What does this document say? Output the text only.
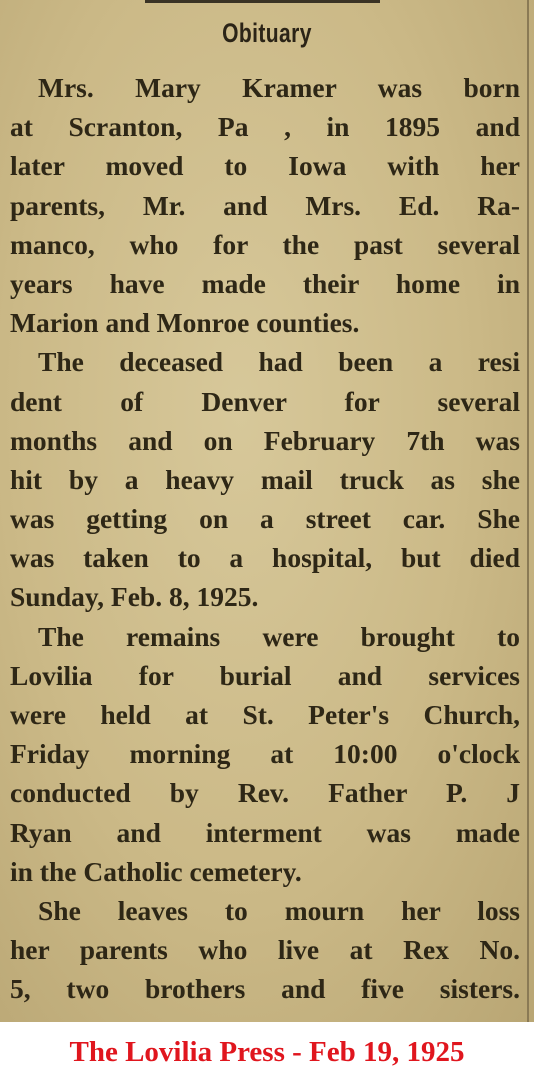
Obituary
Mrs. Mary Kramer was born
at Scranton, Pa , in 1895 and
later moved to Iowa with her
parents, Mr. and Mrs. Ed. Ra-
manco, who for the past several
years have made their home in
Marion and Monroe counties.
The deceased had been a resi
dent of Denver for several
months and on February 7th was
hit by a heavy mail truck as she
was getting on a street car. She
was taken to a hospital, but died
Sunday, Feb. 8, 1925.
The remains were brought to
Lovilia for burial and services
were held at St. Peter's Church,
Friday morning at 10:00 o'clock
conducted by Rev. Father P. J
Ryan and interment was made
in the Catholic cemetery.
She leaves to mourn her loss
her parents who live at Rex No.
5, two brothers and five sisters.
The Lovilia Press - Feb 19, 1925
